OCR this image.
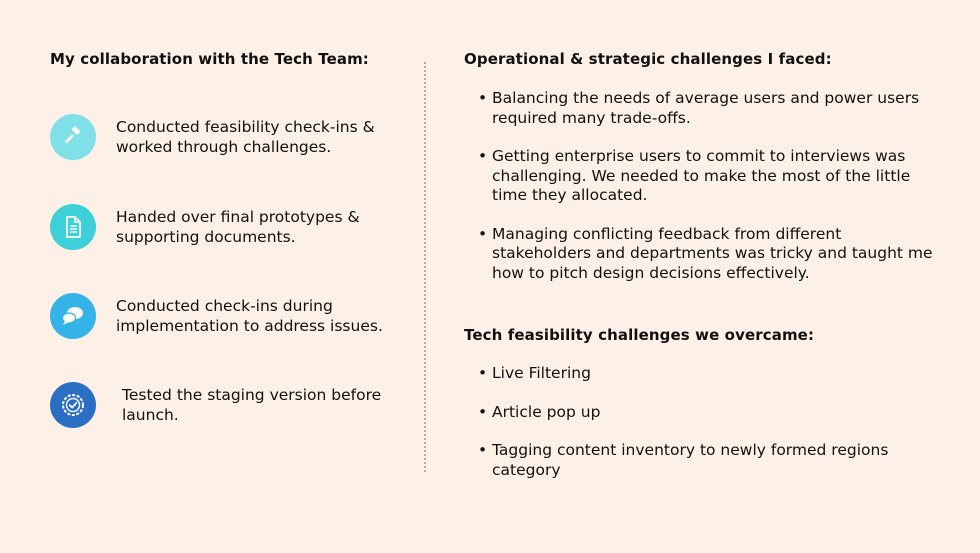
My collaboration with the Tech Team:
Conducted feasibility check-ins & worked through challenges.
Handed over final prototypes & supporting documents.
Conducted check-ins during implementation to address issues.
Tested the staging version before launch.
Operational & strategic challenges I faced:
• Balancing the needs of average users and power users required many trade-offs.
• Getting enterprise users to commit to interviews was challenging. We needed to make the most of the little time they allocated.
• Managing conflicting feedback from different stakeholders and departments was tricky and taught me how to pitch design decisions effectively.
Tech feasibility challenges we overcame:
• Live Filtering
• Article pop up
• Tagging content inventory to newly formed regions category
